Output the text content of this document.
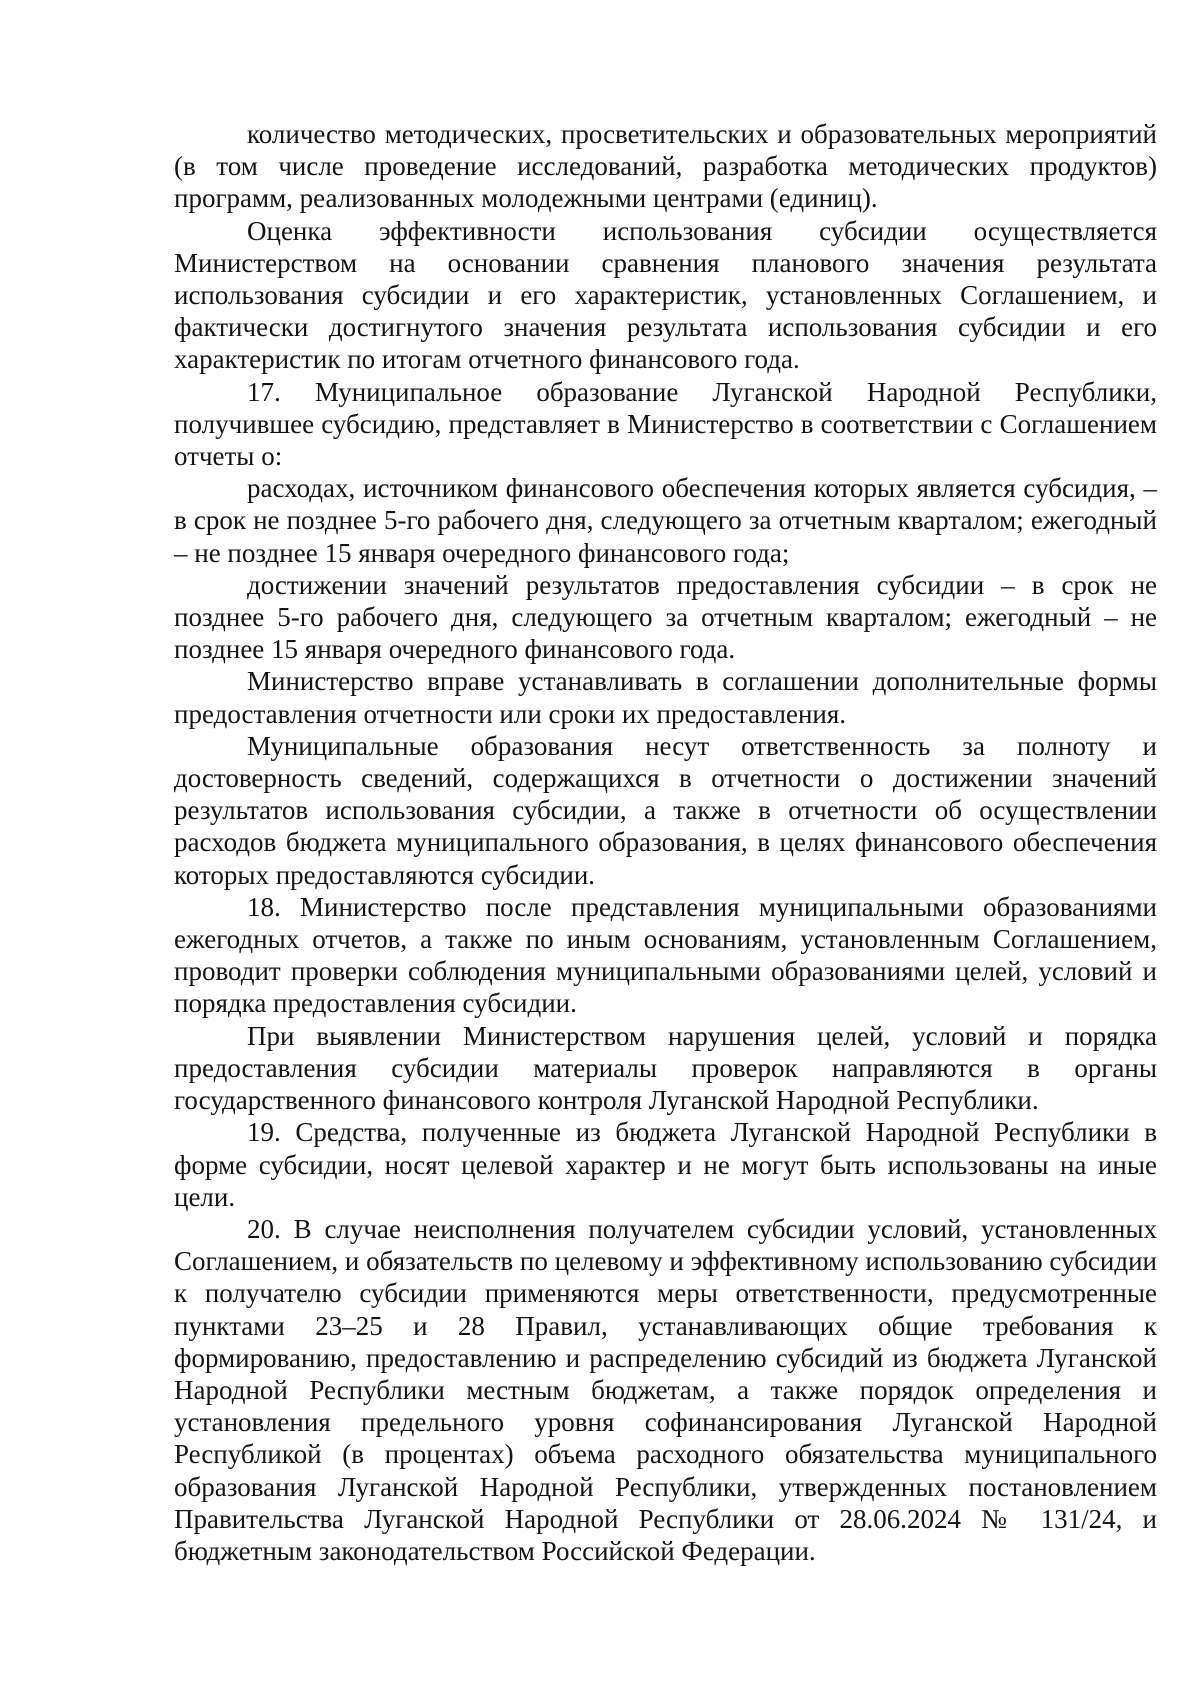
количество методических, просветительских и образовательных мероприятий (в том числе проведение исследований, разработка методических продуктов) программ, реализованных молодежными центрами (единиц).

Оценка эффективности использования субсидии осуществляется Министерством на основании сравнения планового значения результата использования субсидии и его характеристик, установленных Соглашением, и фактически достигнутого значения результата использования субсидии и его характеристик по итогам отчетного финансового года.

17. Муниципальное образование Луганской Народной Республики, получившее субсидию, представляет в Министерство в соответствии с Соглашением отчеты о:

расходах, источником финансового обеспечения которых является субсидия, – в срок не позднее 5-го рабочего дня, следующего за отчетным кварталом; ежегодный – не позднее 15 января очередного финансового года;

достижении значений результатов предоставления субсидии – в срок не позднее 5-го рабочего дня, следующего за отчетным кварталом; ежегодный – не позднее 15 января очередного финансового года.

Министерство вправе устанавливать в соглашении дополнительные формы предоставления отчетности или сроки их предоставления.

Муниципальные образования несут ответственность за полноту и достоверность сведений, содержащихся в отчетности о достижении значений результатов использования субсидии, а также в отчетности об осуществлении расходов бюджета муниципального образования, в целях финансового обеспечения которых предоставляются субсидии.

18. Министерство после представления муниципальными образованиями ежегодных отчетов, а также по иным основаниям, установленным Соглашением, проводит проверки соблюдения муниципальными образованиями целей, условий и порядка предоставления субсидии.

При выявлении Министерством нарушения целей, условий и порядка предоставления субсидии материалы проверок направляются в органы государственного финансового контроля Луганской Народной Республики.

19. Средства, полученные из бюджета Луганской Народной Республики в форме субсидии, носят целевой характер и не могут быть использованы на иные цели.

20. В случае неисполнения получателем субсидии условий, установленных Соглашением, и обязательств по целевому и эффективному использованию субсидии к получателю субсидии применяются меры ответственности, предусмотренные пунктами 23–25 и 28 Правил, устанавливающих общие требования к формированию, предоставлению и распределению субсидий из бюджета Луганской Народной Республики местным бюджетам, а также порядок определения и установления предельного уровня софинансирования Луганской Народной Республикой (в процентах) объема расходного обязательства муниципального образования Луганской Народной Республики, утвержденных постановлением Правительства Луганской Народной Республики от 28.06.2024 № 131/24, и бюджетным законодательством Российской Федерации.
